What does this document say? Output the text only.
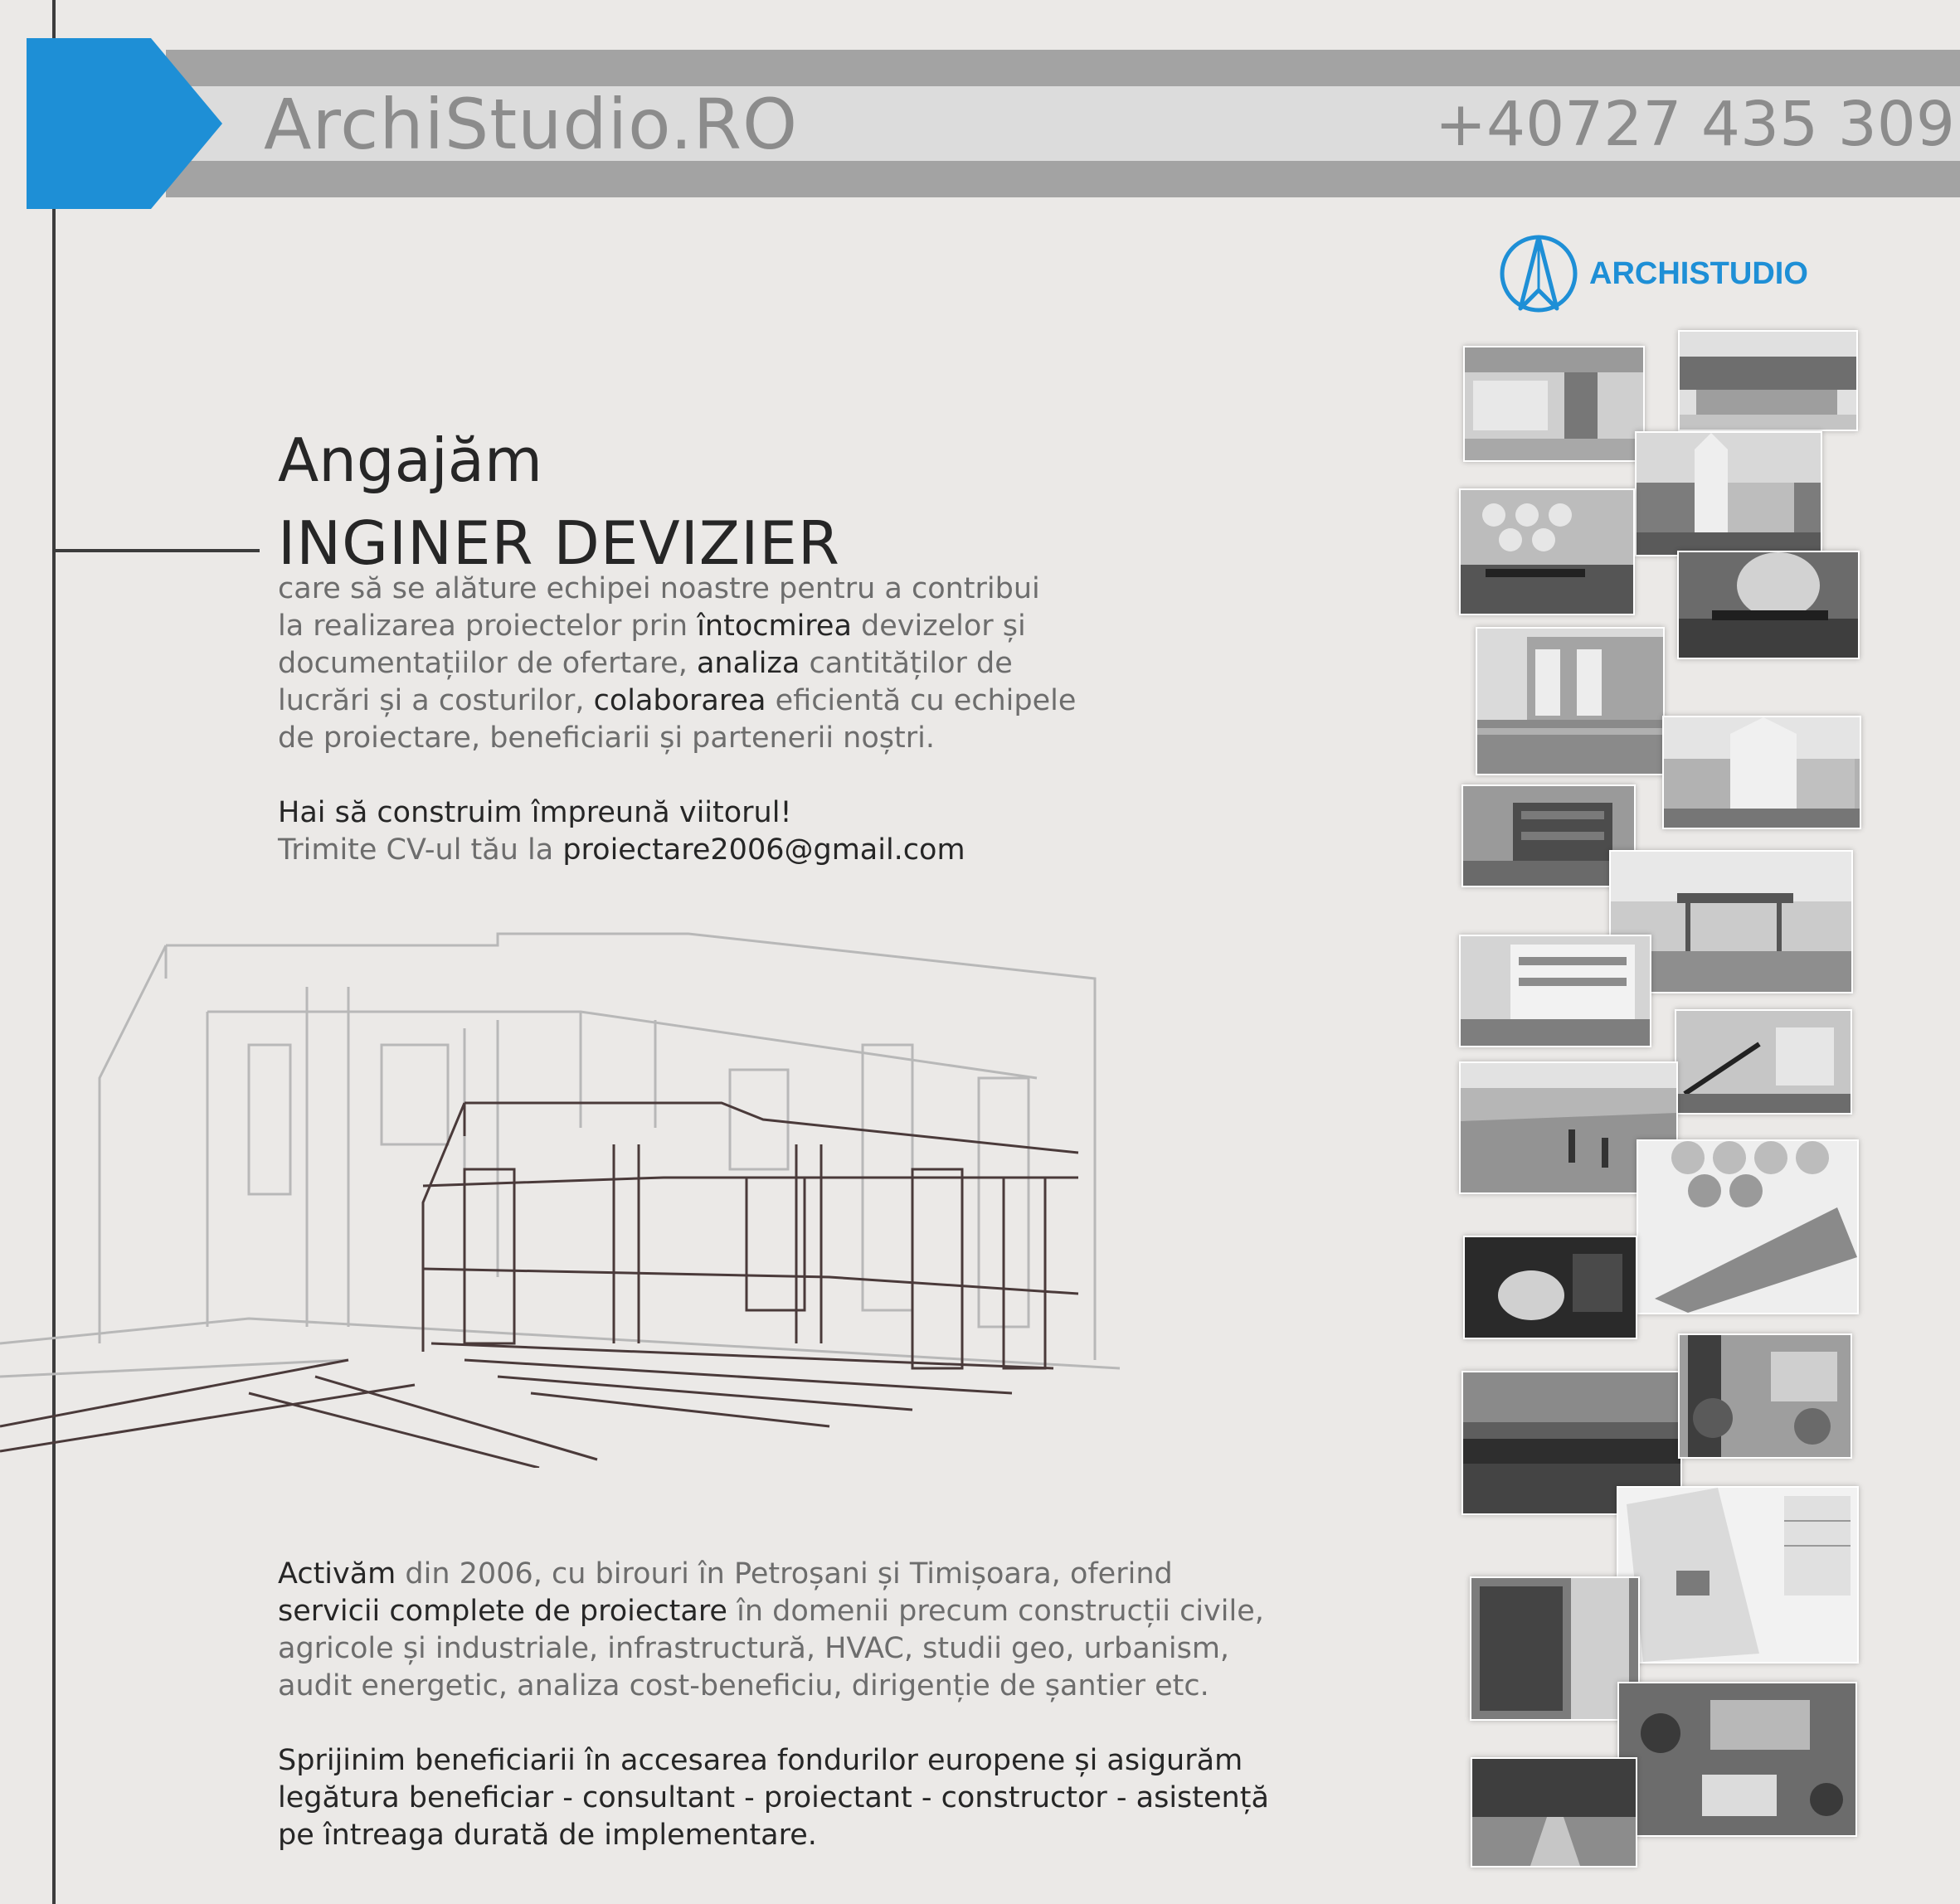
ArchiStudio.RO	+40727 435 309
ARCHISTUDIO
Angajăm
INGINER DEVIZIER
care să se alăture echipei noastre pentru a contribui
la realizarea proiectelor prin întocmirea devizelor și
documentațiilor de ofertare, analiza cantităților de
lucrări și a costurilor, colaborarea eficientă cu echipele
de proiectare, beneficiarii și partenerii noștri.
Hai să construim împreună viitorul!
Trimite CV-ul tău la proiectare2006@gmail.com
Activăm din 2006, cu birouri în Petroșani și Timișoara, oferind
servicii complete de proiectare în domenii precum construcții civile,
agricole și industriale, infrastructură, HVAC, studii geo, urbanism,
audit energetic, analiza cost-beneficiu, dirigenție de șantier etc.
Sprijinim beneficiarii în accesarea fondurilor europene și asigurăm
legătura beneficiar - consultant - proiectant - constructor - asistență
pe întreaga durată de implementare.
